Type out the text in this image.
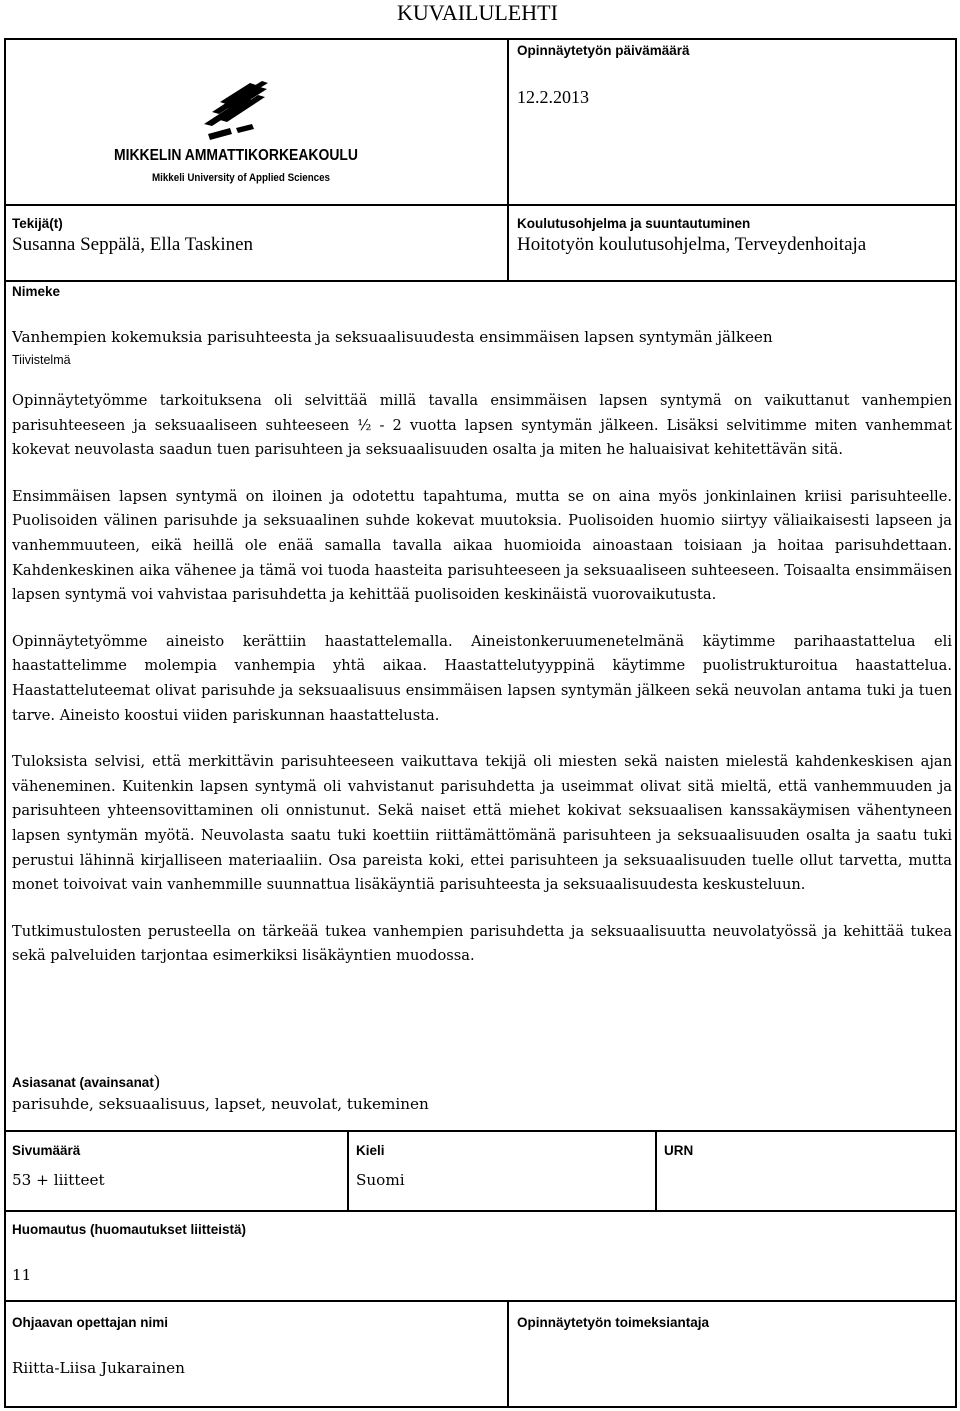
KUVAILULEHTI
MIKKELIN AMMATTIKORKEAKOULU
Mikkeli University of Applied Sciences
Opinnäytetyön päivämäärä
12.2.2013
Tekijä(t)
Susanna Seppälä, Ella Taskinen
Koulutusohjelma ja suuntautuminen
Hoitotyön koulutusohjelma, Terveydenhoitaja
Nimeke
Vanhempien kokemuksia parisuhteesta ja seksuaalisuudesta ensimmäisen lapsen syntymän jälkeen
Tiivistelmä

Opinnäytetyömme tarkoituksena oli selvittää millä tavalla ensimmäisen lapsen syntymä on vaikuttanut vanhempien parisuhteeseen ja seksuaaliseen suhteeseen ½ - 2 vuotta lapsen syntymän jälkeen. Lisäksi selvitimme miten vanhemmat kokevat neuvolasta saadun tuen parisuhteen ja seksuaalisuuden osalta ja miten he haluaisivat kehitettävän sitä.

Ensimmäisen lapsen syntymä on iloinen ja odotettu tapahtuma, mutta se on aina myös jonkinlainen kriisi parisuhteelle. Puolisoiden välinen parisuhde ja seksuaalinen suhde kokevat muutoksia. Puolisoiden huomio siirtyy väliaikaisesti lapseen ja vanhemmuuteen, eikä heillä ole enää samalla tavalla aikaa huomioida ainoastaan toisiaan ja hoitaa parisuhdettaan. Kahdenkeskinen aika vähenee ja tämä voi tuoda haasteita parisuhteeseen ja seksuaaliseen suhteeseen. Toisaalta ensimmäisen lapsen syntymä voi vahvistaa parisuhdetta ja kehittää puolisoiden keskinäistä vuorovaikutusta.

Opinnäytetyömme aineisto kerättiin haastattelemalla. Aineistonkeruumenetelmänä käytimme parihaastattelua eli haastattelimme molempia vanhempia yhtä aikaa. Haastattelutyyppinä käytimme puolistrukturoitua haastattelua. Haastatteluteemat olivat parisuhde ja seksuaalisuus ensimmäisen lapsen syntymän jälkeen sekä neuvolan antama tuki ja tuen tarve. Aineisto koostui viiden pariskunnan haastattelusta.

Tuloksista selvisi, että merkittävin parisuhteeseen vaikuttava tekijä oli miesten sekä naisten mielestä kahdenkeskisen ajan väheneminen. Kuitenkin lapsen syntymä oli vahvistanut parisuhdetta ja useimmat olivat sitä mieltä, että vanhemmuuden ja parisuhteen yhteensovittaminen oli onnistunut. Sekä naiset että miehet kokivat seksuaalisen kanssakäymisen vähentyneen lapsen syntymän myötä. Neuvolasta saatu tuki koettiin riittämättömänä parisuhteen ja seksuaalisuuden osalta ja saatu tuki perustui lähinnä kirjalliseen materiaaliin. Osa pareista koki, ettei parisuhteen ja seksuaalisuuden tuelle ollut tarvetta, mutta monet toivoivat vain vanhemmille suunnattua lisäkäyntiä parisuhteesta ja seksuaalisuudesta keskusteluun.

Tutkimustulosten perusteella on tärkeää tukea vanhempien parisuhdetta ja seksuaalisuutta neuvolatyössä ja kehittää tukea sekä palveluiden tarjontaa esimerkiksi lisäkäyntien muodossa.

Asiasanat (avainsanat)
parisuhde, seksuaalisuus, lapset, neuvolat, tukeminen
Sivumäärä
53 + liitteet
Kieli
Suomi
URN
Huomautus (huomautukset liitteistä)
11
Ohjaavan opettajan nimi
Riitta-Liisa Jukarainen
Opinnäytetyön toimeksiantaja
